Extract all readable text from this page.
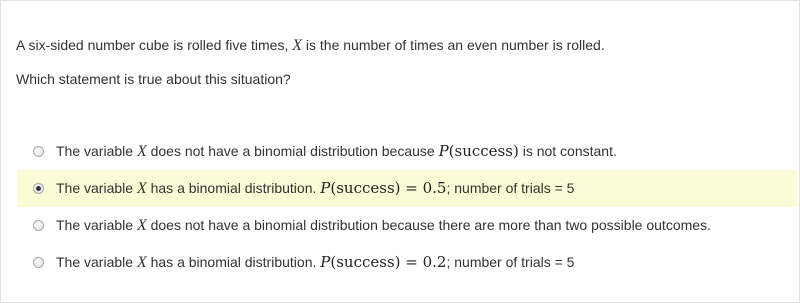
A six-sided number cube is rolled five times, X is the number of times an even number is rolled.
Which statement is true about this situation?
The variable X does not have a binomial distribution because P(success) is not constant.
The variable X has a binomial distribution. P(success) = 0.5; number of trials = 5
The variable X does not have a binomial distribution because there are more than two possible outcomes.
The variable X has a binomial distribution. P(success) = 0.2; number of trials = 5
